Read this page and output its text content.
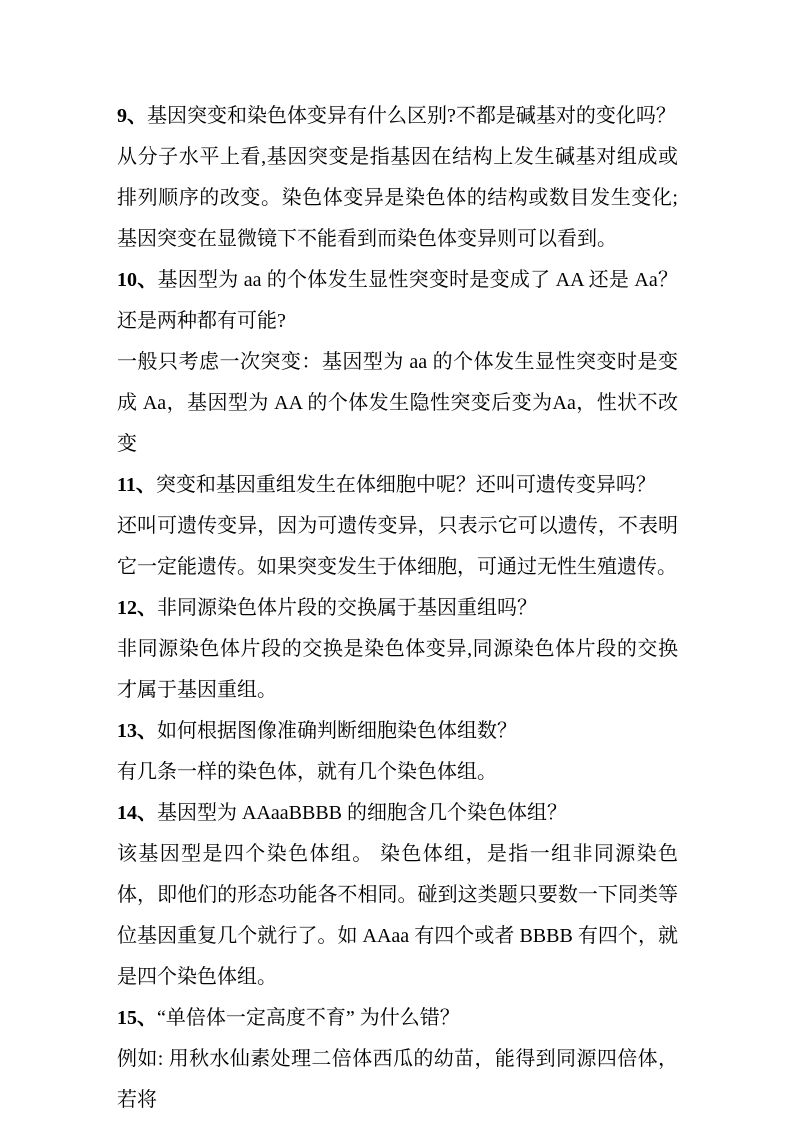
9、基因突变和染色体变异有什么区别?不都是碱基对的变化吗？

从分子水平上看,基因突变是指基因在结构上发生碱基对组成或排列顺序的改变。染色体变异是染色体的结构或数目发生变化; 基因突变在显微镜下不能看到而染色体变异则可以看到。

10、基因型为 aa 的个体发生显性突变时是变成了 AA 还是 Aa？还是两种都有可能?

一般只考虑一次突变：基因型为 aa 的个体发生显性突变时是变成 Aa，基因型为 AA 的个体发生隐性突变后变为Aa，性状不改变

11、突变和基因重组发生在体细胞中呢？还叫可遗传变异吗？

还叫可遗传变异，因为可遗传变异，只表示它可以遗传，不表明它一定能遗传。如果突变发生于体细胞，可通过无性生殖遗传。

12、非同源染色体片段的交换属于基因重组吗？

非同源染色体片段的交换是染色体变异,同源染色体片段的交换才属于基因重组。

13、如何根据图像准确判断细胞染色体组数？

有几条一样的染色体，就有几个染色体组。

14、基因型为 AAaaBBBB 的细胞含几个染色体组？

该基因型是四个染色体组。 染色体组，是指一组非同源染色体，即他们的形态功能各不相同。碰到这类题只要数一下同类等位基因重复几个就行了。如 AAaa 有四个或者 BBBB 有四个，就是四个染色体组。

15、“单倍体一定高度不育” 为什么错？

例如: 用秋水仙素处理二倍体西瓜的幼苗，能得到同源四倍体，若将
